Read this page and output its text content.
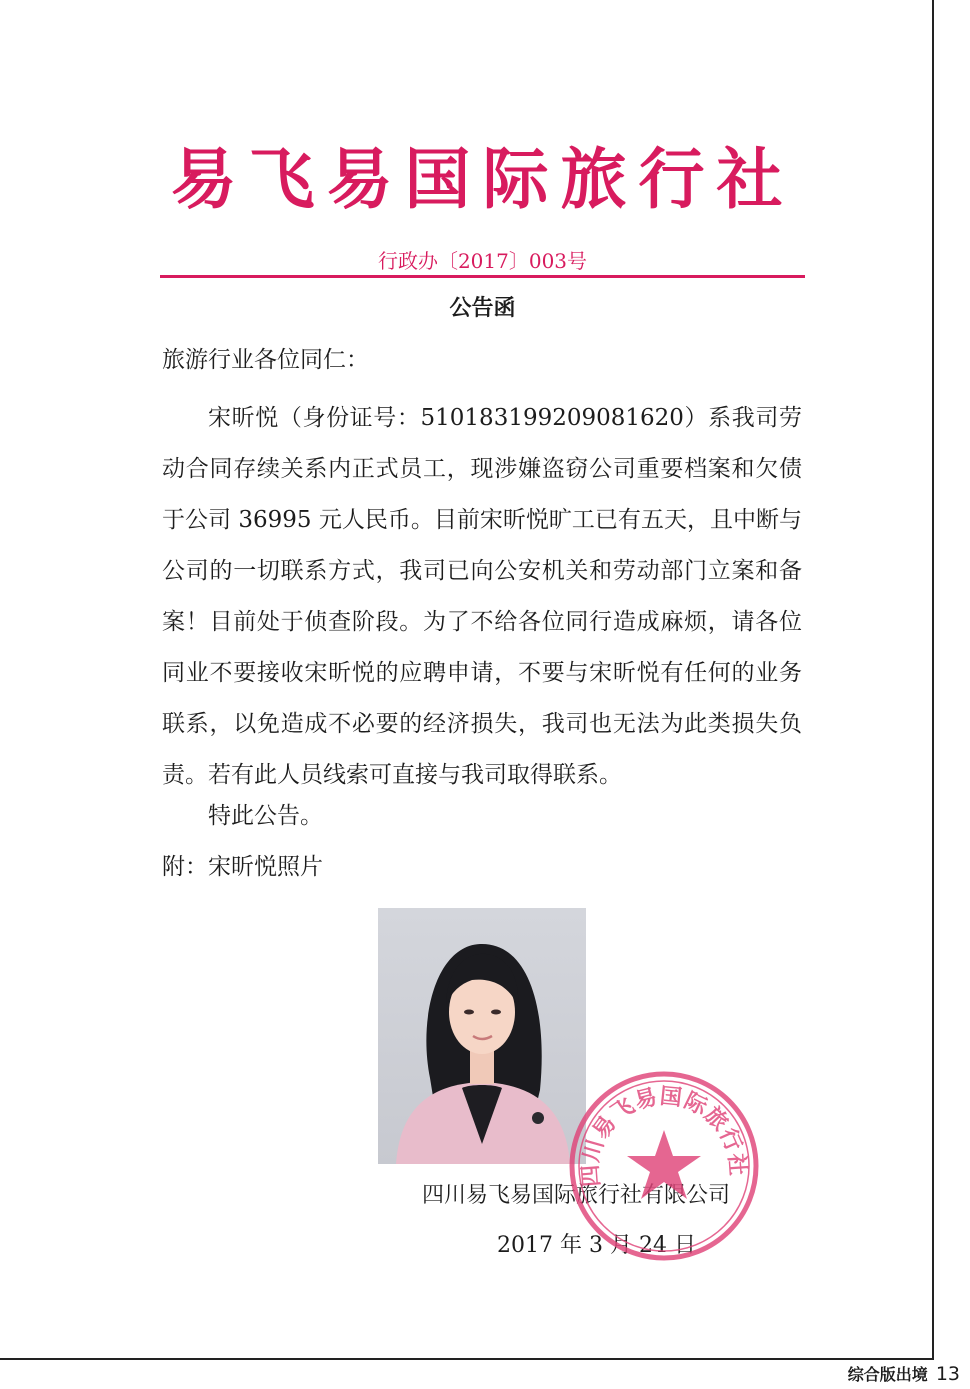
易飞易国际旅行社
行政办〔2017〕003号
公告函
旅游行业各位同仁：

宋昕悦（身份证号：510183199209081620）系我司劳动合同存续关系内正式员工，现涉嫌盗窃公司重要档案和欠债于公司 36995 元人民币。目前宋昕悦旷工已有五天，且中断与公司的一切联系方式，我司已向公安机关和劳动部门立案和备案！目前处于侦查阶段。为了不给各位同行造成麻烦，请各位同业不要接收宋昕悦的应聘申请，不要与宋昕悦有任何的业务联系，以免造成不必要的经济损失，我司也无法为此类损失负责。若有此人员线索可直接与我司取得联系。

特此公告。
附：宋昕悦照片
四川易飞易国际旅行社有限公司
2017 年 3 月 24 日
四川易飞易国际旅行社
综合版出境 13
